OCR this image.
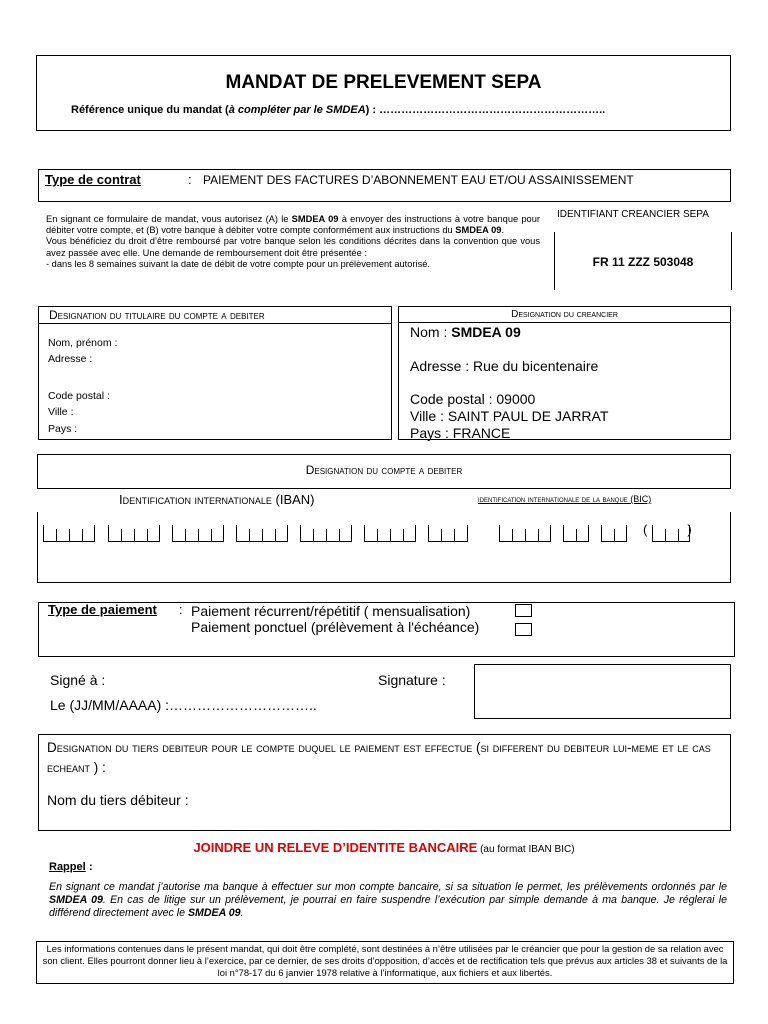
MANDAT DE PRELEVEMENT SEPA
Référence unique du mandat (à compléter par le SMDEA) : ……………………………………………………..
Type de contrat	: PAIEMENT DES FACTURES D’ABONNEMENT EAU ET/OU ASSAINISSEMENT
En signant ce formulaire de mandat, vous autorisez (A) le SMDEA 09 à envoyer des instructions à votre banque pour débiter votre compte, et (B) votre banque à débiter votre compte conformément aux instructions du SMDEA 09.
Vous bénéficiez du droit d’être remboursé par votre banque selon les conditions décrites dans la convention que vous avez passée avec elle. Une demande de remboursement doit être présentée :
- dans les 8 semaines suivant la date de débit de votre compte pour un prélèvement autorisé.
IDENTIFIANT CREANCIER SEPA
FR 11 ZZZ 503048
Designation du titulaire du compte a debiter
Nom, prénom :
Adresse :
Code postal :
Ville :
Pays :
Designation du creancier
Nom : SMDEA 09
Adresse : Rue du bicentenaire
Code postal : 09000
Ville : SAINT PAUL DE JARRAT
Pays : FRANCE
Designation du compte a debiter
Identification internationale (IBAN)	identification internationale de la banque (BIC)
(	)
Type de paiement : Paiement récurrent/répétitif ( mensualisation)
Paiement ponctuel (prélèvement à l'échéance)
Signé à :
Le (JJ/MM/AAAA) :…………………………..
Signature :
Designation du tiers debiteur pour le compte duquel le paiement est effectue (si different du debiteur lui-meme et le cas echeant ) :
Nom du tiers débiteur :
JOINDRE UN RELEVE D’IDENTITE BANCAIRE (au format IBAN BIC)
Rappel :
En signant ce mandat j’autorise ma banque à effectuer sur mon compte bancaire, si sa situation le permet, les prélèvements ordonnés par le SMDEA 09. En cas de litige sur un prélèvement, je pourrai en faire suspendre l’exécution par simple demande à ma banque. Je réglerai le différend directement avec le SMDEA 09.
Les informations contenues dans le présent mandat, qui doit être complété, sont destinées à n’être utilisées par le créancier que pour la gestion de sa relation avec son client. Elles pourront donner lieu à l’exercice, par ce dernier, de ses droits d’opposition, d’accès et de rectification tels que prévus aux articles 38 et suivants de la loi n°78-17 du 6 janvier 1978 relative à l’informatique, aux fichiers et aux libertés.
